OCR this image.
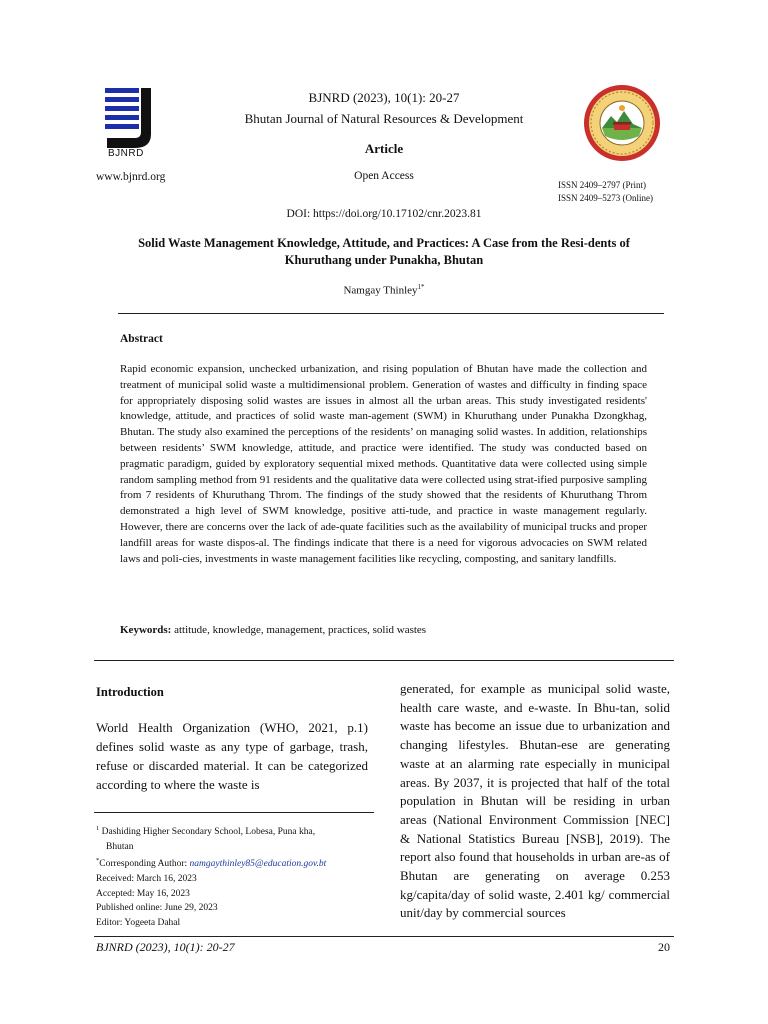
BJNRD
BJNRD (2023), 10(1): 20-27
Bhutan Journal of Natural Resources & Development
Article
Open Access
www.bjnrd.org
ISSN 2409–2797 (Print)
ISSN 2409–5273 (Online)
DOI: https://doi.org/10.17102/cnr.2023.81
Solid Waste Management Knowledge, Attitude, and Practices: A Case from the Resi-dents of Khuruthang under Punakha, Bhutan
Namgay Thinley$^{1*}$
Abstract
Rapid economic expansion, unchecked urbanization, and rising population of Bhutan have made the collection and treatment of municipal solid waste a multidimensional problem. Generation of wastes and difficulty in finding space for appropriately disposing solid wastes are issues in almost all the urban areas. This study investigated residents' knowledge, attitude, and practices of solid waste man-agement (SWM) in Khuruthang under Punakha Dzongkhag, Bhutan. The study also examined the perceptions of the residents’ on managing solid wastes. In addition, relationships between residents’ SWM knowledge, attitude, and practice were identified. The study was conducted based on pragmatic paradigm, guided by exploratory sequential mixed methods. Quantitative data were collected using simple random sampling method from 91 residents and the qualitative data were collected using strat-ified purposive sampling from 7 residents of Khuruthang Throm. The findings of the study showed that the residents of Khuruthang Throm demonstrated a high level of SWM knowledge, positive atti-tude, and practice in waste management regularly. However, there are concerns over the lack of ade-quate facilities such as the availability of municipal trucks and proper landfill areas for waste dispos-al. The findings indicate that there is a need for vigorous advocacies on SWM related laws and poli-cies, investments in waste management facilities like recycling, composting, and sanitary landfills.
Keywords: attitude, knowledge, management, practices, solid wastes
Introduction
World Health Organization (WHO, 2021, p.1) defines solid waste as any type of garbage, trash, refuse or discarded material. It can be categorized according to where the waste is
$^1$ Dashiding Higher Secondary School, Lobesa, Puna kha,
Bhutan
*Corresponding Author: namgaythinley85@education.gov.bt
Received: March 16, 2023
Accepted: May 16, 2023
Published online: June 29, 2023
Editor: Yogeeta Dahal
generated, for example as municipal solid waste, health care waste, and e-waste. In Bhu-tan, solid waste has become an issue due to urbanization and changing lifestyles. Bhutan-ese are generating waste at an alarming rate especially in municipal areas. By 2037, it is projected that half of the total population in Bhutan will be residing in urban areas (National Environment Commission [NEC] & National Statistics Bureau [NSB], 2019). The report also found that households in urban are-as of Bhutan are generating on average 0.253 kg/capita/day of solid waste, 2.401 kg/ commercial unit/day by commercial sources
BJNRD (2023), 10(1): 20-27	20
